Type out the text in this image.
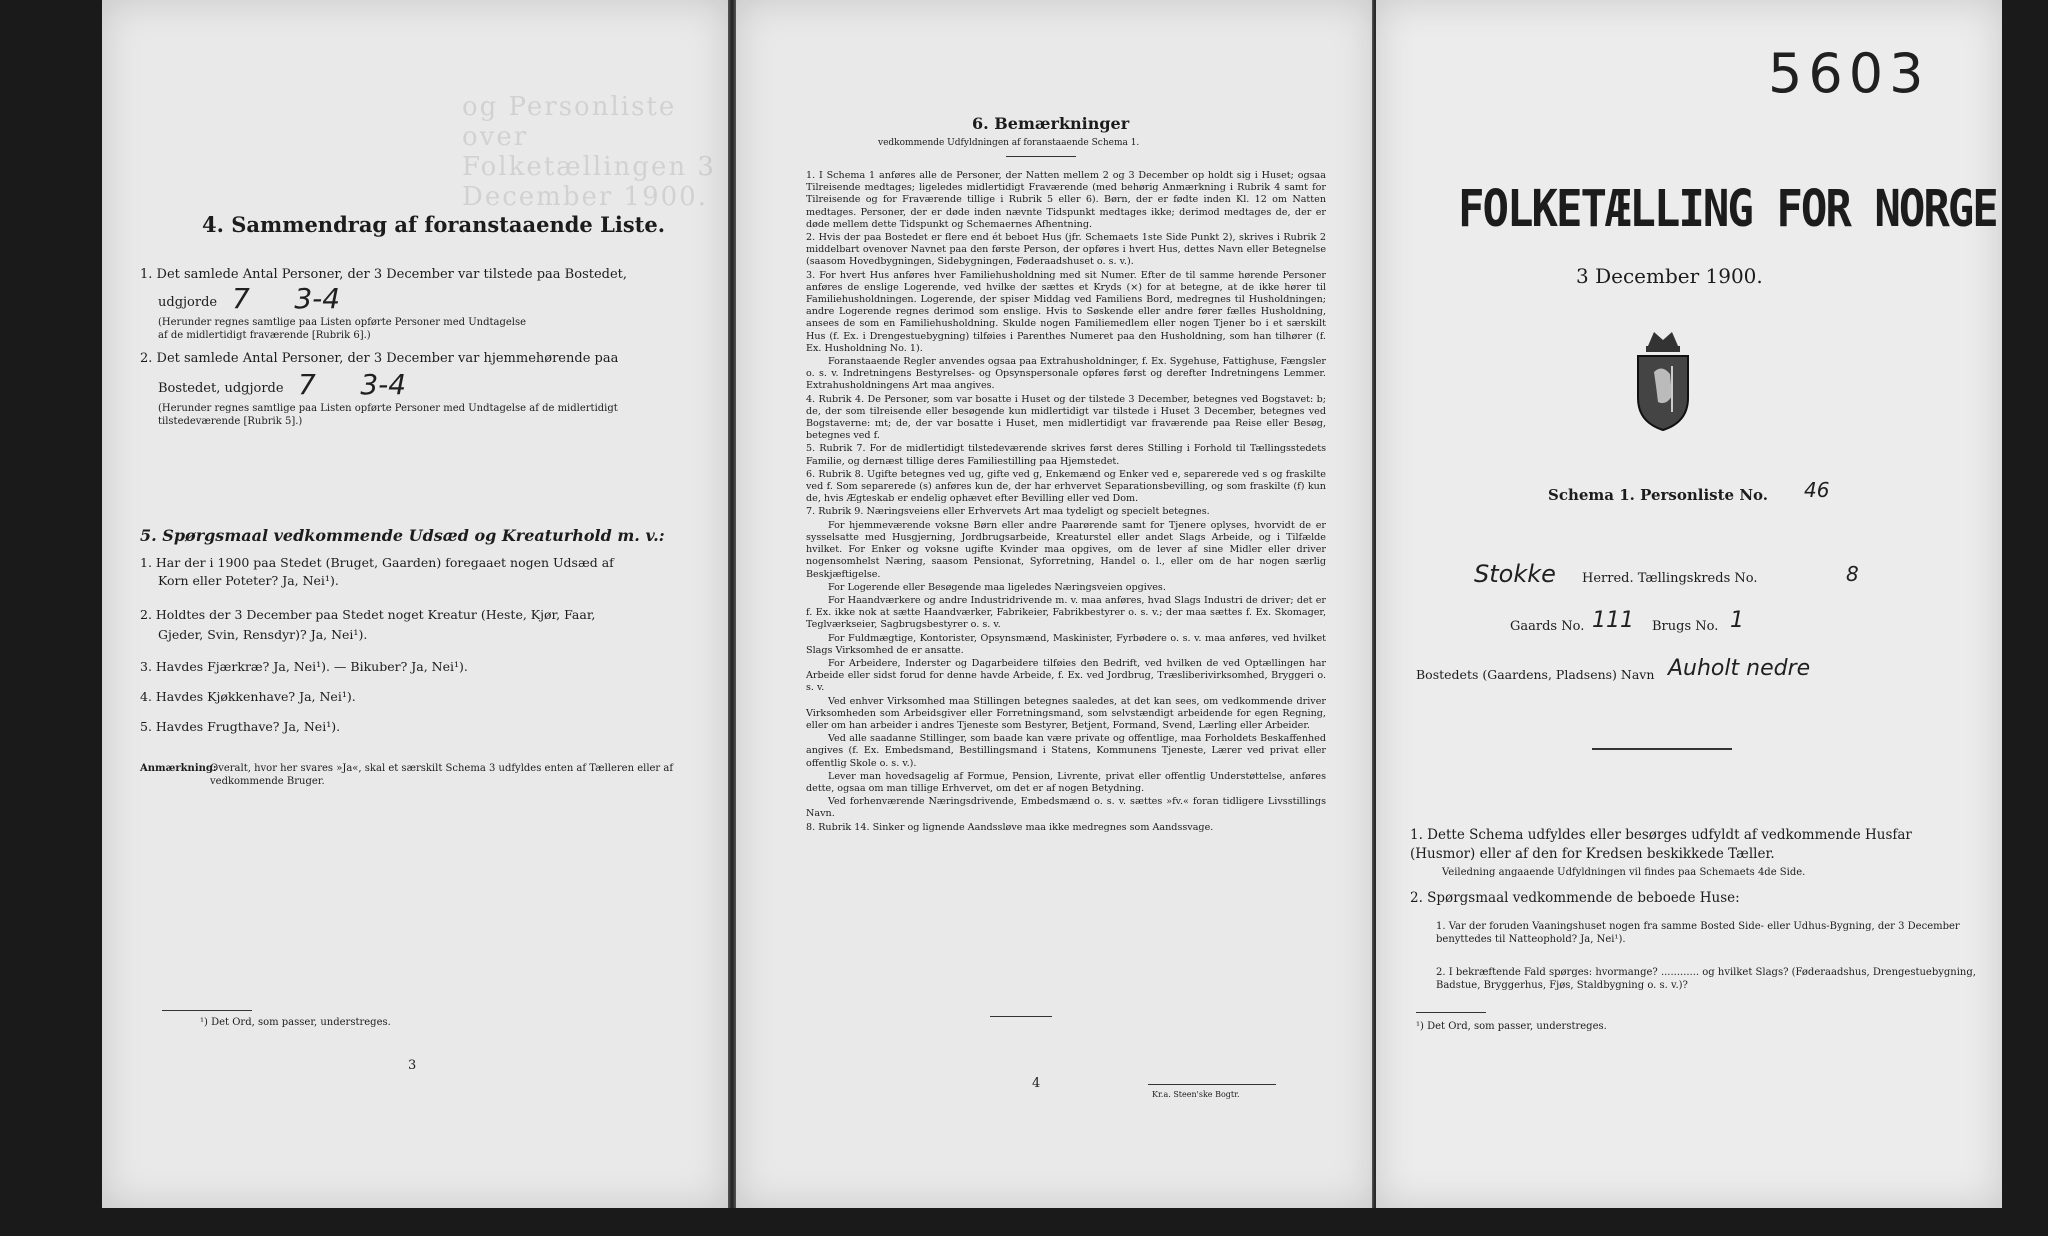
og Personliste over Folketællingen 3 December 1900.
4. Sammendrag af foranstaaende Liste.
1. Det samlede Antal Personer, der 3 December var tilstede paa Bostedet,
udgjorde 7     3-4
(Herunder regnes samtlige paa Listen opførte Personer med Undtagelse af de midlertidigt fraværende [Rubrik 6].)
2. Det samlede Antal Personer, der 3 December var hjemmehørende paa
Bostedet, udgjorde 7     3-4
(Herunder regnes samtlige paa Listen opførte Personer med Undtagelse af de midlertidigt tilstedeværende [Rubrik 5].)
5. Spørgsmaal vedkommende Udsæd og Kreaturhold m. v.:
1. Har der i 1900 paa Stedet (Bruget, Gaarden) foregaaet nogen Udsæd af
Korn eller Poteter? Ja, Nei¹).
2. Holdtes der 3 December paa Stedet noget Kreatur (Heste, Kjør, Faar,
Gjeder, Svin, Rensdyr)? Ja, Nei¹).
3. Havdes Fjærkræ? Ja, Nei¹). — Bikuber? Ja, Nei¹).
4. Havdes Kjøkkenhave? Ja, Nei¹).
5. Havdes Frugthave? Ja, Nei¹).
Anmærkning:
Overalt, hvor her svares »Ja«, skal et særskilt Schema 3 udfyldes enten af Tælleren eller af vedkommende Bruger.
¹) Det Ord, som passer, understreges.
3
6. Bemærkninger
vedkommende Udfyldningen af foranstaaende Schema 1.
1. I Schema 1 anføres alle de Personer, der Natten mellem 2 og 3 December op holdt sig i Huset; ogsaa Tilreisende medtages; ligeledes midlertidigt Fraværende (med behørig Anmærkning i Rubrik 4 samt for Tilreisende og for Fraværende tillige i Rubrik 5 eller 6). Børn, der er fødte inden Kl. 12 om Natten medtages. Personer, der er døde inden nævnte Tidspunkt medtages ikke; derimod medtages de, der er døde mellem dette Tidspunkt og Schemaernes Afhentning.
2. Hvis der paa Bostedet er flere end ét beboet Hus (jfr. Schemaets 1ste Side Punkt 2), skrives i Rubrik 2 middelbart ovenover Navnet paa den første Person, der opføres i hvert Hus, dettes Navn eller Betegnelse (saasom Hovedbygningen, Sidebygningen, Føderaadshuset o. s. v.).
3. For hvert Hus anføres hver Familiehusholdning med sit Numer. Efter de til samme hørende Personer anføres de enslige Logerende, ved hvilke der sættes et Kryds (×) for at betegne, at de ikke hører til Familiehusholdningen. Logerende, der spiser Middag ved Familiens Bord, medregnes til Husholdningen; andre Logerende regnes derimod som enslige. Hvis to Søskende eller andre fører fælles Husholdning, ansees de som en Familiehusholdning. Skulde nogen Familiemedlem eller nogen Tjener bo i et særskilt Hus (f. Ex. i Drengestuebygning) tilføies i Parenthes Numeret paa den Husholdning, som han tilhører (f. Ex. Husholdning No. 1).
Foranstaaende Regler anvendes ogsaa paa Extrahusholdninger, f. Ex. Sygehuse, Fattighuse, Fængsler o. s. v. Indretningens Bestyrelses- og Opsynspersonale opføres først og derefter Indretningens Lemmer. Extrahusholdningens Art maa angives.
4. Rubrik 4. De Personer, som var bosatte i Huset og der tilstede 3 December, betegnes ved Bogstavet: b; de, der som tilreisende eller besøgende kun midlertidigt var tilstede i Huset 3 December, betegnes ved Bogstaverne: mt; de, der var bosatte i Huset, men midlertidigt var fraværende paa Reise eller Besøg, betegnes ved f.
5. Rubrik 7. For de midlertidigt tilstedeværende skrives først deres Stilling i Forhold til Tællingsstedets Familie, og dernæst tillige deres Familiestilling paa Hjemstedet.
6. Rubrik 8. Ugifte betegnes ved ug, gifte ved g, Enkemænd og Enker ved e, separerede ved s og fraskilte ved f. Som separerede (s) anføres kun de, der har erhvervet Separationsbevilling, og som fraskilte (f) kun de, hvis Ægteskab er endelig ophævet efter Bevilling eller ved Dom.
7. Rubrik 9. Næringsveiens eller Erhvervets Art maa tydeligt og specielt betegnes.
For hjemmeværende voksne Børn eller andre Paarørende samt for Tjenere oplyses, hvorvidt de er sysselsatte med Husgjerning, Jordbrugsarbeide, Kreaturstel eller andet Slags Arbeide, og i Tilfælde hvilket. For Enker og voksne ugifte Kvinder maa opgives, om de lever af sine Midler eller driver nogensomhelst Næring, saasom Pensionat, Syforretning, Handel o. l., eller om de har nogen særlig Beskjæftigelse.
For Logerende eller Besøgende maa ligeledes Næringsveien opgives.
For Haandværkere og andre Industridrivende m. v. maa anføres, hvad Slags Industri de driver; det er f. Ex. ikke nok at sætte Haandværker, Fabrikeier, Fabrikbestyrer o. s. v.; der maa sættes f. Ex. Skomager, Teglværkseier, Sagbrugsbestyrer o. s. v.
For Fuldmægtige, Kontorister, Opsynsmænd, Maskinister, Fyrbødere o. s. v. maa anføres, ved hvilket Slags Virksomhed de er ansatte.
For Arbeidere, Inderster og Dagarbeidere tilføies den Bedrift, ved hvilken de ved Optællingen har Arbeide eller sidst forud for denne havde Arbeide, f. Ex. ved Jordbrug, Træsliberivirksomhed, Bryggeri o. s. v.
Ved enhver Virksomhed maa Stillingen betegnes saaledes, at det kan sees, om vedkommende driver Virksomheden som Arbeidsgiver eller Forretningsmand, som selvstændigt arbeidende for egen Regning, eller om han arbeider i andres Tjeneste som Bestyrer, Betjent, Formand, Svend, Lærling eller Arbeider.
Ved alle saadanne Stillinger, som baade kan være private og offentlige, maa Forholdets Beskaffenhed angives (f. Ex. Embedsmand, Bestillingsmand i Statens, Kommunens Tjeneste, Lærer ved privat eller offentlig Skole o. s. v.).
Lever man hovedsagelig af Formue, Pension, Livrente, privat eller offentlig Understøttelse, anføres dette, ogsaa om man tillige Erhvervet, om det er af nogen Betydning.
Ved forhenværende Næringsdrivende, Embedsmænd o. s. v. sættes »fv.« foran tidligere Livsstillings Navn.
8. Rubrik 14. Sinker og lignende Aandssløve maa ikke medregnes som Aandssvage.
4
Kr.a. Steen'ske Bogtr.
5603
FOLKETÆLLING FOR NORGE
3 December 1900.
Schema 1. Personliste No. 46
Stokke Herred. Tællingskreds No.	8
Gaards No. 111 Brugs No. 1
Bostedets (Gaardens, Pladsens) Navn Auholt nedre
1. Dette Schema udfyldes eller besørges udfyldt af vedkommende Husfar (Husmor) eller af den for Kredsen beskikkede Tæller.
Veiledning angaaende Udfyldningen vil findes paa Schemaets 4de Side.
2. Spørgsmaal vedkommende de beboede Huse:
1. Var der foruden Vaaningshuset nogen fra samme Bosted Side- eller Udhus-Bygning, der 3 December benyttedes til Natteophold? Ja, Nei¹).
2. I bekræftende Fald spørges: hvormange? ............ og hvilket Slags? (Føderaadshus, Drengestuebygning, Badstue, Bryggerhus, Fjøs, Staldbygning o. s. v.)?
¹) Det Ord, som passer, understreges.
